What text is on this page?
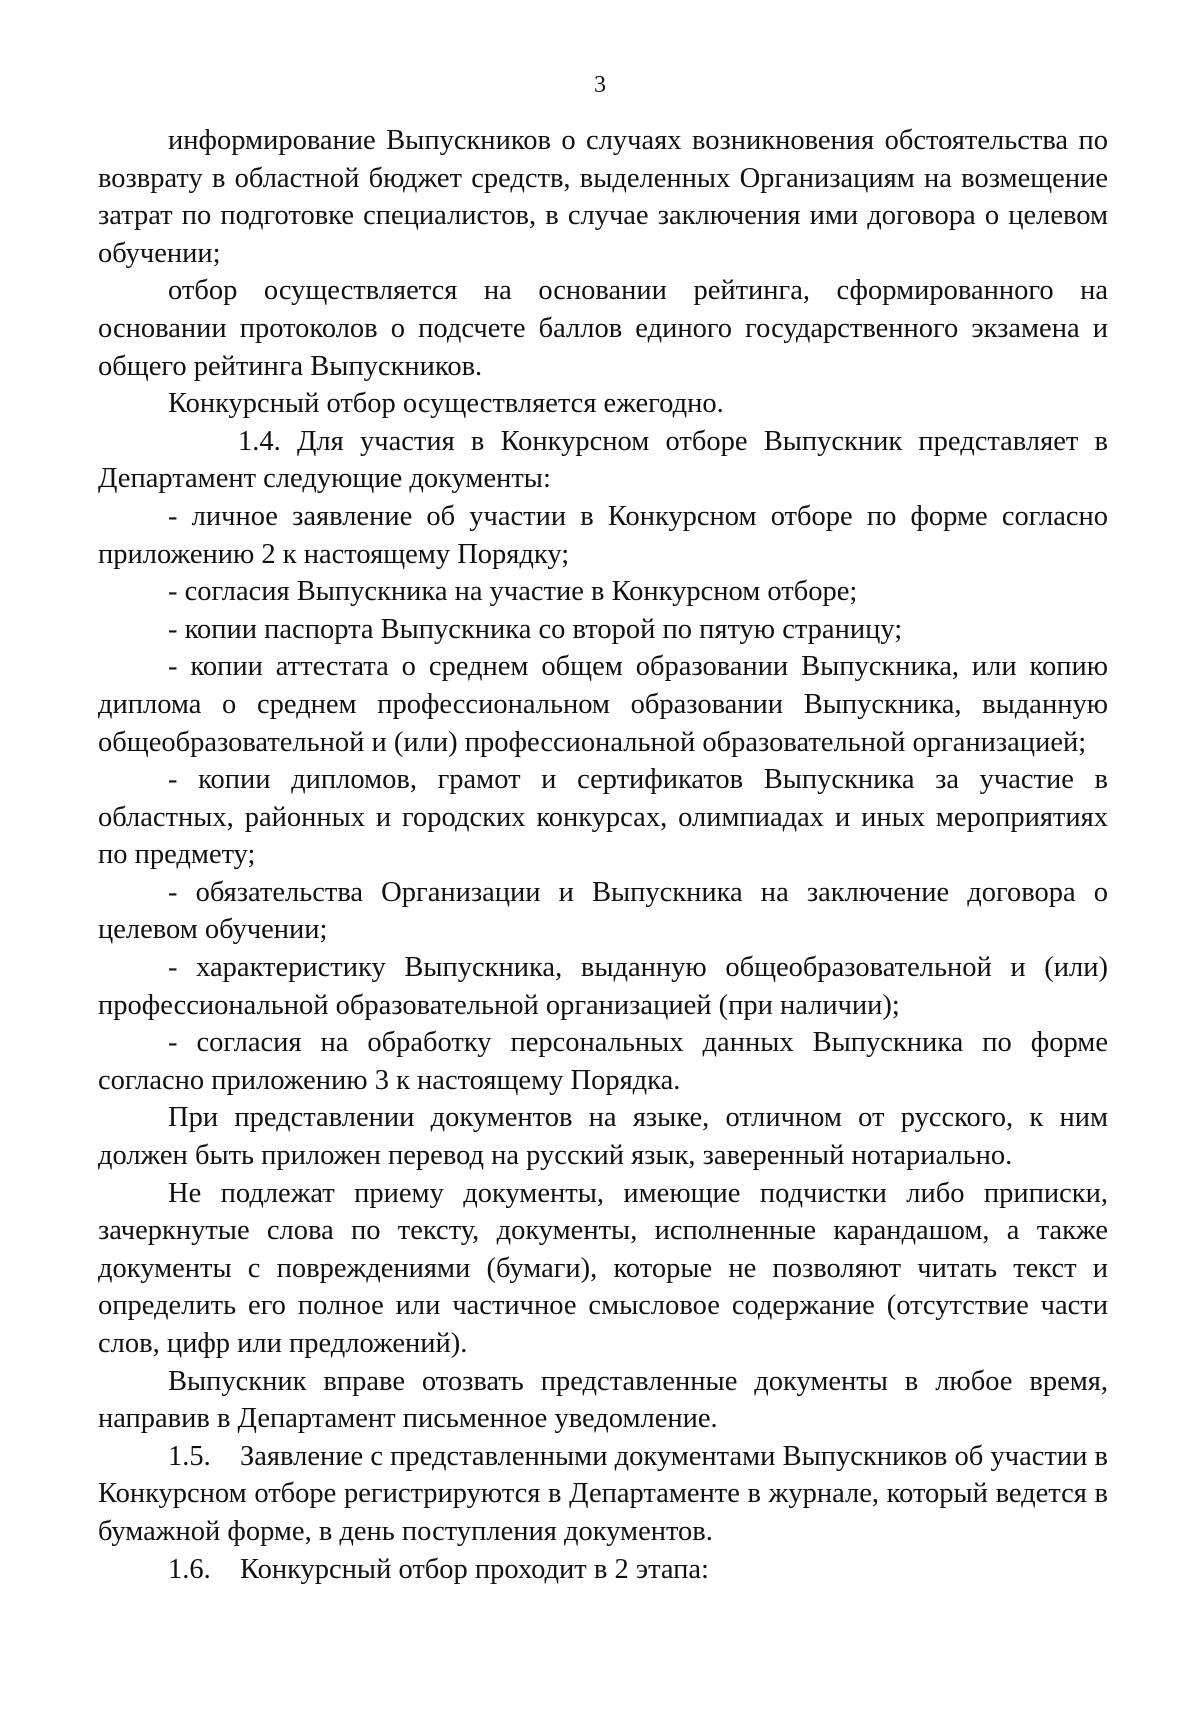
3

информирование Выпускников о случаях возникновения обстоятельства по возврату в областной бюджет средств, выделенных Организациям на возмещение затрат по подготовке специалистов, в случае заключения ими договора о целевом обучении;

отбор осуществляется на основании рейтинга, сформированного на основании протоколов о подсчете баллов единого государственного экзамена и общего рейтинга Выпускников.

Конкурсный отбор осуществляется ежегодно.

1.4. Для участия в Конкурсном отборе Выпускник представляет в Департамент следующие документы:

- личное заявление об участии в Конкурсном отборе по форме согласно приложению 2 к настоящему Порядку;

- согласия Выпускника на участие в Конкурсном отборе;

- копии паспорта Выпускника со второй по пятую страницу;

- копии аттестата о среднем общем образовании Выпускника, или копию диплома о среднем профессиональном образовании Выпускника, выданную общеобразовательной и (или) профессиональной образовательной организацией;

- копии дипломов, грамот и сертификатов Выпускника за участие в областных, районных и городских конкурсах, олимпиадах и иных мероприятиях по предмету;

- обязательства Организации и Выпускника на заключение договора о целевом обучении;

- характеристику Выпускника, выданную общеобразовательной и (или) профессиональной образовательной организацией (при наличии);

- согласия на обработку персональных данных Выпускника по форме согласно приложению 3 к настоящему Порядка.

При представлении документов на языке, отличном от русского, к ним должен быть приложен перевод на русский язык, заверенный нотариально.

Не подлежат приему документы, имеющие подчистки либо приписки, зачеркнутые слова по тексту, документы, исполненные карандашом, а также документы с повреждениями (бумаги), которые не позволяют читать текст и определить его полное или частичное смысловое содержание (отсутствие части слов, цифр или предложений).

Выпускник вправе отозвать представленные документы в любое время, направив в Департамент письменное уведомление.

1.5. Заявление с представленными документами Выпускников об участии в Конкурсном отборе регистрируются в Департаменте в журнале, который ведется в бумажной форме, в день поступления документов.

1.6. Конкурсный отбор проходит в 2 этапа:
